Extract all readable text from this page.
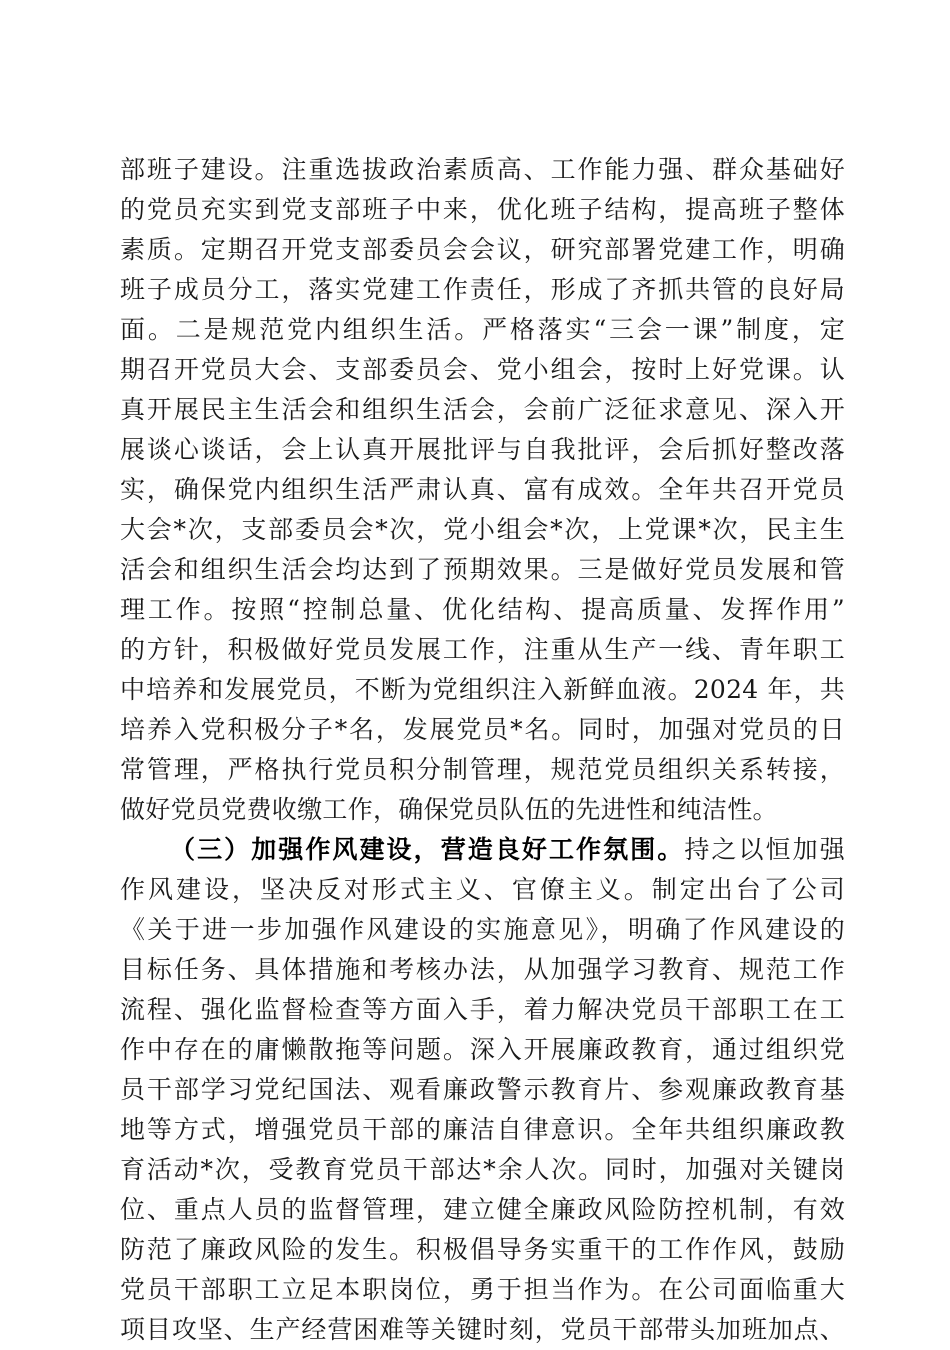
部班子建设。注重选拔政治素质高、工作能力强、群众基础好
的党员充实到党支部班子中来，优化班子结构，提高班子整体
素质。定期召开党支部委员会会议，研究部署党建工作，明确
班子成员分工，落实党建工作责任，形成了齐抓共管的良好局
面。二是规范党内组织生活。严格落实“三会一课”制度，定
期召开党员大会、支部委员会、党小组会，按时上好党课。认
真开展民主生活会和组织生活会，会前广泛征求意见、深入开
展谈心谈话，会上认真开展批评与自我批评，会后抓好整改落
实，确保党内组织生活严肃认真、富有成效。全年共召开党员
大会*次，支部委员会*次，党小组会*次，上党课*次，民主生
活会和组织生活会均达到了预期效果。三是做好党员发展和管
理工作。按照“控制总量、优化结构、提高质量、发挥作用”
的方针，积极做好党员发展工作，注重从生产一线、青年职工
中培养和发展党员，不断为党组织注入新鲜血液。2024 年，共
培养入党积极分子*名，发展党员*名。同时，加强对党员的日
常管理，严格执行党员积分制管理，规范党员组织关系转接，
做好党员党费收缴工作，确保党员队伍的先进性和纯洁性。
（三）加强作风建设，营造良好工作氛围。持之以恒加强
作风建设，坚决反对形式主义、官僚主义。制定出台了公司
《关于进一步加强作风建设的实施意见》，明确了作风建设的
目标任务、具体措施和考核办法，从加强学习教育、规范工作
流程、强化监督检查等方面入手，着力解决党员干部职工在工
作中存在的庸懒散拖等问题。深入开展廉政教育，通过组织党
员干部学习党纪国法、观看廉政警示教育片、参观廉政教育基
地等方式，增强党员干部的廉洁自律意识。全年共组织廉政教
育活动*次，受教育党员干部达*余人次。同时，加强对关键岗
位、重点人员的监督管理，建立健全廉政风险防控机制，有效
防范了廉政风险的发生。积极倡导务实重干的工作作风，鼓励
党员干部职工立足本职岗位，勇于担当作为。在公司面临重大
项目攻坚、生产经营困难等关键时刻，党员干部带头加班加点、
